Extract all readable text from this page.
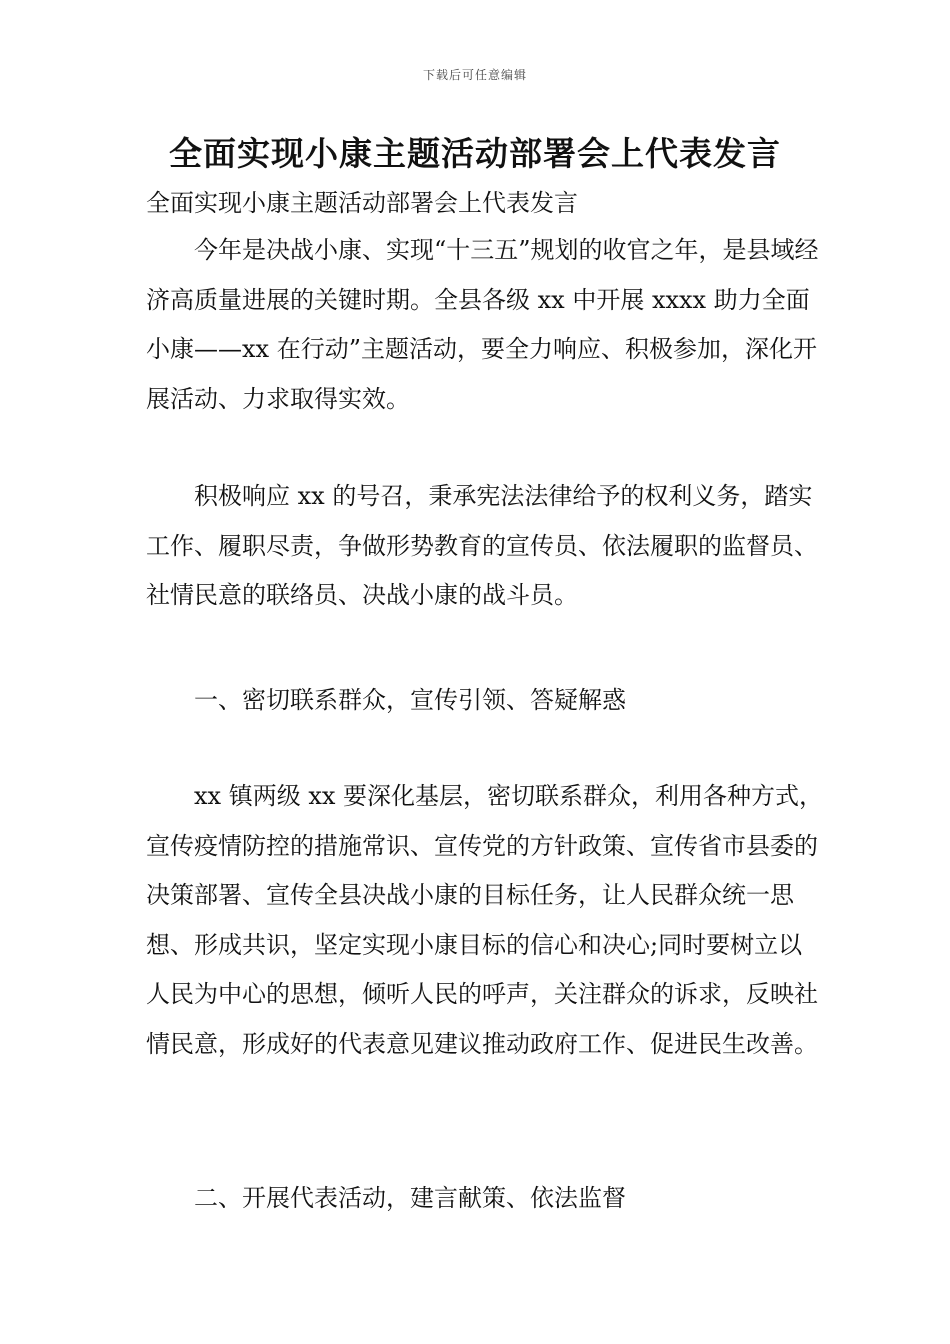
下载后可任意编辑
全面实现小康主题活动部署会上代表发言

全面实现小康主题活动部署会上代表发言

今年是决战小康、实现“十三五”规划的收官之年，是县域经济高质量进展的关键时期。全县各级 xx 中开展 xxxx 助力全面小康——xx 在行动”主题活动，要全力响应、积极参加，深化开展活动、力求取得实效。

积极响应 xx 的号召，秉承宪法法律给予的权利义务，踏实工作、履职尽责，争做形势教育的宣传员、依法履职的监督员、社情民意的联络员、决战小康的战斗员。

一、密切联系群众，宣传引领、答疑解惑

xx 镇两级 xx 要深化基层，密切联系群众，利用各种方式，宣传疫情防控的措施常识、宣传党的方针政策、宣传省市县委的决策部署、宣传全县决战小康的目标任务，让人民群众统一思想、形成共识，坚定实现小康目标的信心和决心;同时要树立以人民为中心的思想，倾听人民的呼声，关注群众的诉求，反映社情民意，形成好的代表意见建议推动政府工作、促进民生改善。

二、开展代表活动，建言献策、依法监督
